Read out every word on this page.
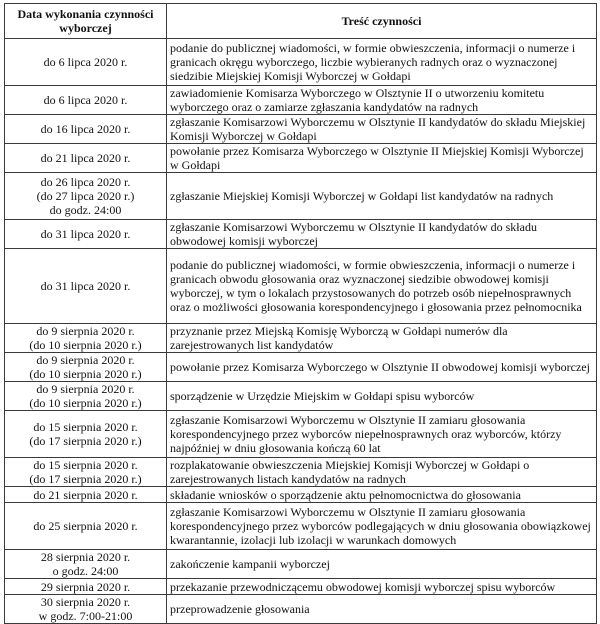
Data wykonania czynności wyborczej	Treść czynności

do 6 lipca 2020 r.	podanie do publicznej wiadomości, w formie obwieszczenia, informacji o numerze i granicach okręgu wyborczego, liczbie wybieranych radnych oraz o wyznaczonej siedzibie Miejskiej Komisji Wyborczej w Gołdapi

do 6 lipca 2020 r.	zawiadomienie Komisarza Wyborczego w Olsztynie II o utworzeniu komitetu wyborczego oraz o zamiarze zgłaszania kandydatów na radnych

do 16 lipca 2020 r.	zgłaszanie Komisarzowi Wyborczemu w Olsztynie II kandydatów do składu Miejskiej Komisji Wyborczej w Gołdapi

do 21 lipca 2020 r.	powołanie przez Komisarza Wyborczego w Olsztynie II Miejskiej Komisji Wyborczej w Gołdapi

do 26 lipca 2020 r.
(do 27 lipca 2020 r.)
do godz. 24:00	zgłaszanie Miejskiej Komisji Wyborczej w Gołdapi list kandydatów na radnych

do 31 lipca 2020 r.	zgłaszanie Komisarzowi Wyborczemu w Olsztynie II kandydatów do składu obwodowej komisji wyborczej

do 31 lipca 2020 r.	podanie do publicznej wiadomości, w formie obwieszczenia, informacji o numerze i granicach obwodu głosowania oraz wyznaczonej siedzibie obwodowej komisji wyborczej, w tym o lokalach przystosowanych do potrzeb osób niepełnosprawnych oraz o możliwości głosowania korespondencyjnego i głosowania przez pełnomocnika

do 9 sierpnia 2020 r.
(do 10 sierpnia 2020 r.)	przyznanie przez Miejską Komisję Wyborczą w Gołdapi numerów dla zarejestrowanych list kandydatów

do 9 sierpnia 2020 r.
(do 10 sierpnia 2020 r.)	powołanie przez Komisarza Wyborczego w Olsztynie II obwodowej komisji wyborczej

do 9 sierpnia 2020 r.
(do 10 sierpnia 2020 r.)	sporządzenie w Urzędzie Miejskim w Gołdapi spisu wyborców

do 15 sierpnia 2020 r.
(do 17 sierpnia 2020 r.)	zgłaszanie Komisarzowi Wyborczemu w Olsztynie II zamiaru głosowania korespondencyjnego przez wyborców niepełnosprawnych oraz wyborców, którzy najpóźniej w dniu głosowania kończą 60 lat

do 15 sierpnia 2020 r.
(do 17 sierpnia 2020 r.)	rozplakatowanie obwieszczenia Miejskiej Komisji Wyborczej w Gołdapi o zarejestrowanych listach kandydatów na radnych

do 21 sierpnia 2020 r.	składanie wniosków o sporządzenie aktu pełnomocnictwa do głosowania

do 25 sierpnia 2020 r.	zgłaszanie Komisarzowi Wyborczemu w Olsztynie II zamiaru głosowania korespondencyjnego przez wyborców podlegających w dniu głosowania obowiązkowej kwarantannie, izolacji lub izolacji w warunkach domowych

28 sierpnia 2020 r.
o godz. 24:00	zakończenie kampanii wyborczej

29 sierpnia 2020 r.	przekazanie przewodniczącemu obwodowej komisji wyborczej spisu wyborców

30 sierpnia 2020 r.
w godz. 7:00-21:00	przeprowadzenie głosowania
